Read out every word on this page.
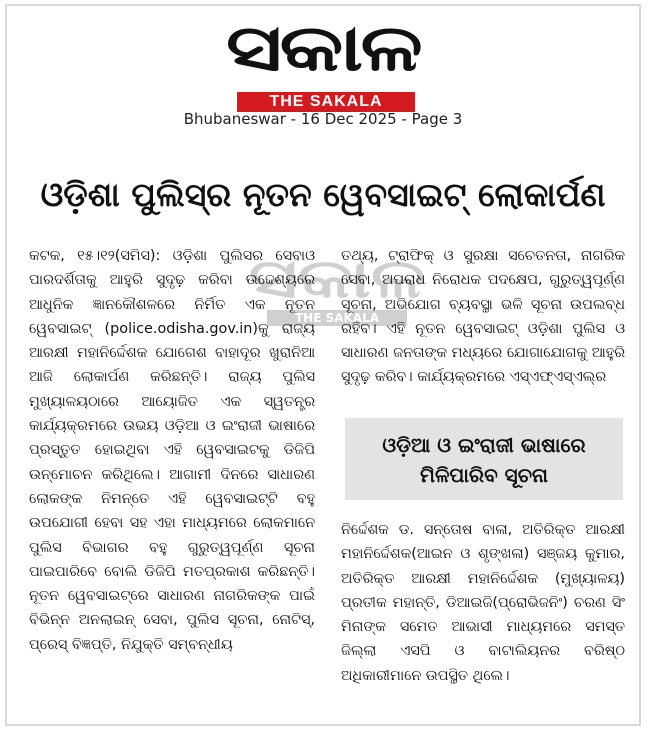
ସକାଳ
THE SAKALA
Bhubaneswar - 16 Dec 2025 - Page 3
ଓଡ଼ିଶା ପୁଲିସ୍‌ର ନୂତନ ୱେବସାଇଟ୍ ଲୋକାର୍ପଣ
କଟକ, ୧୫।୧୨(ସମିସ): ଓଡ଼ିଶା ପୁଲିସର ସେବାଓ ପାରଦର୍ଶିତାକୁ ଆହୁରି ସୁଦୃଢ଼ କରିବା ଉଦ୍ଦେଶ୍ୟରେ ଆଧୁନିକ ଜ୍ଞାନକୌଶଳରେ ନିର୍ମିତ ଏକ ନୂତନ ୱେବସାଇଟ୍ (police.odisha.gov.in)କୁ ରାଜ୍ୟ ଆରକ୍ଷୀ ମହାନିର୍ଦ୍ଦେଶକ ଯୋଗେଶ ବାହାଦୂର ଖୁରାନିଆ ଆଜି ଲୋକାର୍ପଣ କରିଛନ୍ତି। ରାଜ୍ୟ ପୁଲିସ ମୁଖ୍ୟାଳୟଠାରେ ଆୟୋଜିତ ଏକ ସ୍ୱତନ୍ତ୍ର କାର୍ଯ୍ୟକ୍ରମରେ ଉଭୟ ଓଡ଼ିଆ ଓ ଇଂରାଜୀ ଭାଷାରେ ପ୍ରସ୍ତୁତ ହୋଇଥିବା ଏହି ୱେବସାଇଟକୁ ଡିଜିପି ଉନ୍ମୋଚନ କରିଥିଲେ। ଆଗାମୀ ଦିନରେ ସାଧାରଣ ଲୋକଙ୍କ ନିମନ୍ତେ ଏହି ୱେବସାଇଟ୍‌ଟି ବହୁ ଉପଯୋଗୀ ହେବା ସହ ଏହା ମାଧ୍ୟମରେ ଲୋକମାନେ ପୁଲିସ ବିଭାଗର ବହୁ ଗୁରୁତ୍ୱପୂର୍ଣ୍ଣ ସୂଚନା ପାଇପାରିବେ ବୋଲି ଡିଜିପି ମତପ୍ରକାଶ କରିଛନ୍ତି। ନୂତନ ୱେବସାଇଟ୍‌ରେ ସାଧାରଣ ନାଗରିକଙ୍କ ପାଇଁ ବିଭିନ୍ନ ଅନଲାଇନ୍ ସେବା, ପୁଲିସ ସୂଚନା, ନୋଟିସ୍, ପ୍ରେସ୍ ବିଜ୍ଞପ୍ତି, ନିଯୁକ୍ତି ସମ୍ବନ୍ଧୀୟ
ତଥ୍ୟ, ଟ୍ରାଫିକ୍ ଓ ସୁରକ୍ଷା ସଚେତନତା, ନାଗରିକ ସେବା, ଅପରାଧ ନିରୋଧକ ପଦକ୍ଷେପ, ଗୁରୁତ୍ୱପୂର୍ଣ୍ଣ ସୂଚନା, ଅଭିଯୋଗ ବ୍ୟବସ୍ଥା ଭଳି ସୂଚନା ଉପଲବ୍ଧ ରହିବ। ଏହି ନୂତନ ୱେବସାଇଟ୍ ଓଡ଼ିଶା ପୁଲିସ ଓ ସାଧାରଣ ଜନତାଙ୍କ ମଧ୍ୟରେ ଯୋଗାଯୋଗକୁ ଆହୁରି ସୁଦୃଢ଼ କରିବ। କାର୍ଯ୍ୟକ୍ରମରେ ଏସ୍‌ଏଫ୍‌ଏସ୍‌ଏଲ୍‌ର
ଓଡ଼ିଆ ଓ ଇଂରାଜୀ ଭାଷାରେ
ମିଳିପାରିବ ସୂଚନା
ନିର୍ଦ୍ଦେଶକ ଡ. ସନ୍ତୋଷ ବାଳା, ଅତିରିକ୍ତ ଆରକ୍ଷୀ ମହାନିର୍ଦ୍ଦେଶକ(ଆଇନ ଓ ଶୃଙ୍ଖଳା) ସଞ୍ଜୟ କୁମାର, ଅତିରିକ୍ତ ଆରକ୍ଷୀ ମହାନିର୍ଦ୍ଦେଶକ (ମୁଖ୍ୟାଳୟ) ପ୍ରତୀକ ମହାନ୍ତି, ଡିଆଇଜି(ପ୍ରୋଭିଜନିଂ) ଚରଣ ସିଂ ମିନାଙ୍କ ସମେତ ଆଭାସୀ ମାଧ୍ୟମରେ ସମସ୍ତ ଜିଲ୍ଲା ଏସପି ଓ ବାଟାଲିୟନର ବରିଷ୍ଠ ଅଧିକାରୀମାନେ ଉପସ୍ଥିତ ଥିଲେ।
ସକାଳ
THE SAKALA
